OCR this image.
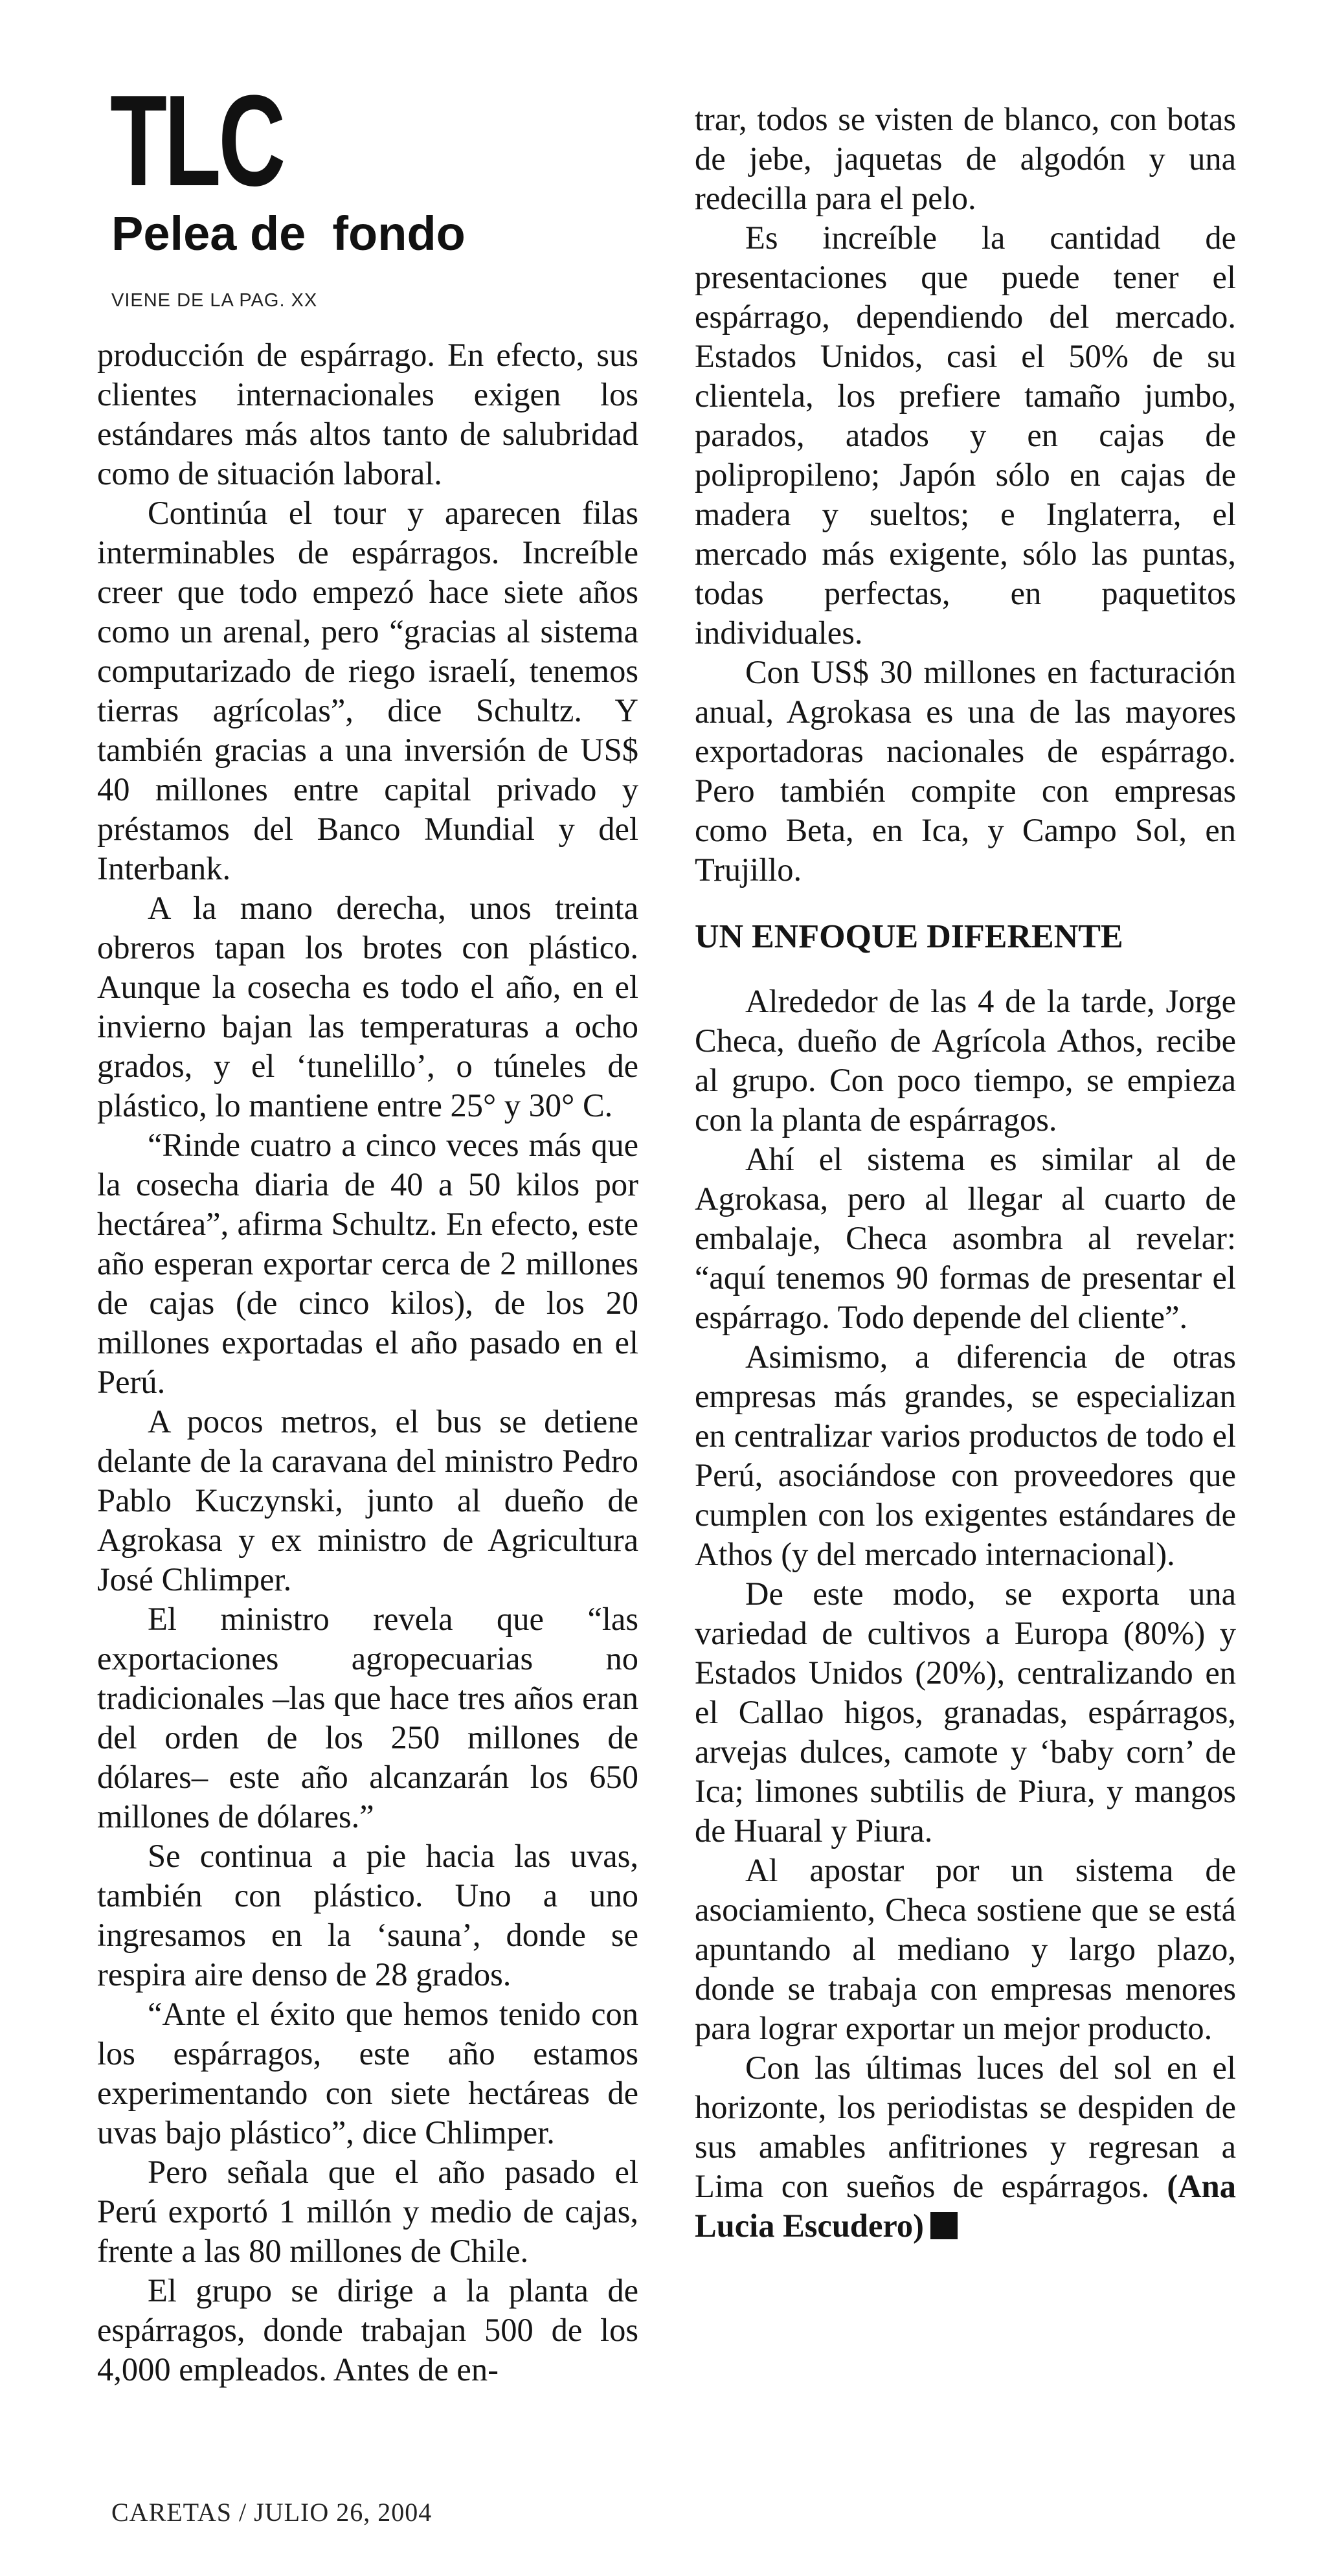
TLC
Pelea de  fondo
VIENE DE LA PAG. XX

producción de espárrago. En efecto, sus clientes internacionales exigen los estándares más altos tanto de salubridad como de situación laboral.

Continúa el tour y aparecen filas interminables de espárragos. Increíble creer que todo empezó hace siete años como un arenal, pero “gracias al sistema computarizado de riego israelí, tenemos tierras agrícolas”, dice Schultz. Y también gracias a una inversión de US$ 40 millones entre capital privado y préstamos del Banco Mundial y del Interbank.

A la mano derecha, unos treinta obreros tapan los brotes con plástico. Aunque la cosecha es todo el año, en el invierno bajan las temperaturas a ocho grados, y el ‘tunelillo’, o túneles de plástico, lo mantiene entre 25° y 30° C.

“Rinde cuatro a cinco veces más que la cosecha diaria de 40 a 50 kilos por hectárea”, afirma Schultz. En efecto, este año esperan exportar cerca de 2 millones de cajas (de cinco kilos), de los 20 millones exportadas el año pasado en el Perú.

A pocos metros, el bus se detiene delante de la caravana del ministro Pedro Pablo Kuczynski, junto al dueño de Agrokasa y ex ministro de Agricultura José Chlimper.

El ministro revela que “las exportaciones agropecuarias no tradicionales –las que hace tres años eran del orden de los 250 millones de dólares– este año alcanzarán los 650 millones de dólares.”

Se continua a pie hacia las uvas, también con plástico. Uno a uno ingresamos en la ‘sauna’, donde se respira aire denso de 28 grados.

“Ante el éxito que hemos tenido con los espárragos, este año estamos experimentando con siete hectáreas de uvas bajo plástico”, dice Chlimper.

Pero señala que el año pasado el Perú exportó 1 millón y medio de cajas, frente a las 80 millones de Chile.

El grupo se dirige a la planta de espárragos, donde trabajan 500 de los 4,000 empleados. Antes de en-

trar, todos se visten de blanco, con botas de jebe, jaquetas de algodón y una redecilla para el pelo.

Es increíble la cantidad de presentaciones que puede tener el espárrago, dependiendo del mercado. Estados Unidos, casi el 50% de su clientela, los prefiere tamaño jumbo, parados, atados y en cajas de polipropileno; Japón sólo en cajas de madera y sueltos; e Inglaterra, el mercado más exigente, sólo las puntas, todas perfectas, en paquetitos individuales.

Con US$ 30 millones en facturación anual, Agrokasa es una de las mayores exportadoras nacionales de espárrago. Pero también compite con empresas como Beta, en Ica, y Campo Sol, en Trujillo.

UN ENFOQUE DIFERENTE

Alrededor de las 4 de la tarde, Jorge Checa, dueño de Agrícola Athos, recibe al grupo. Con poco tiempo, se empieza con la planta de espárragos.

Ahí el sistema es similar al de Agrokasa, pero al llegar al cuarto de embalaje, Checa asombra al revelar: “aquí tenemos 90 formas de presentar el espárrago. Todo depende del cliente”.

Asimismo, a diferencia de otras empresas más grandes, se especializan en centralizar varios productos de todo el Perú, asociándose con proveedores que cumplen con los exigentes estándares de Athos (y del mercado internacional).

De este modo, se exporta una variedad de cultivos a Europa (80%) y Estados Unidos (20%), centralizando en el Callao higos, granadas, espárragos, arvejas dulces, camote y ‘baby corn’ de Ica; limones subtilis de Piura, y mangos de Huaral y Piura.

Al apostar por un sistema de asociamiento, Checa sostiene que se está apuntando al mediano y largo plazo, donde se trabaja con empresas menores para lograr exportar un mejor producto.

Con las últimas luces del sol en el horizonte, los periodistas se despiden de sus amables anfitriones y regresan a Lima con sueños de espárragos. (Ana Lucia Escudero)

CARETAS / JULIO 26, 2004
